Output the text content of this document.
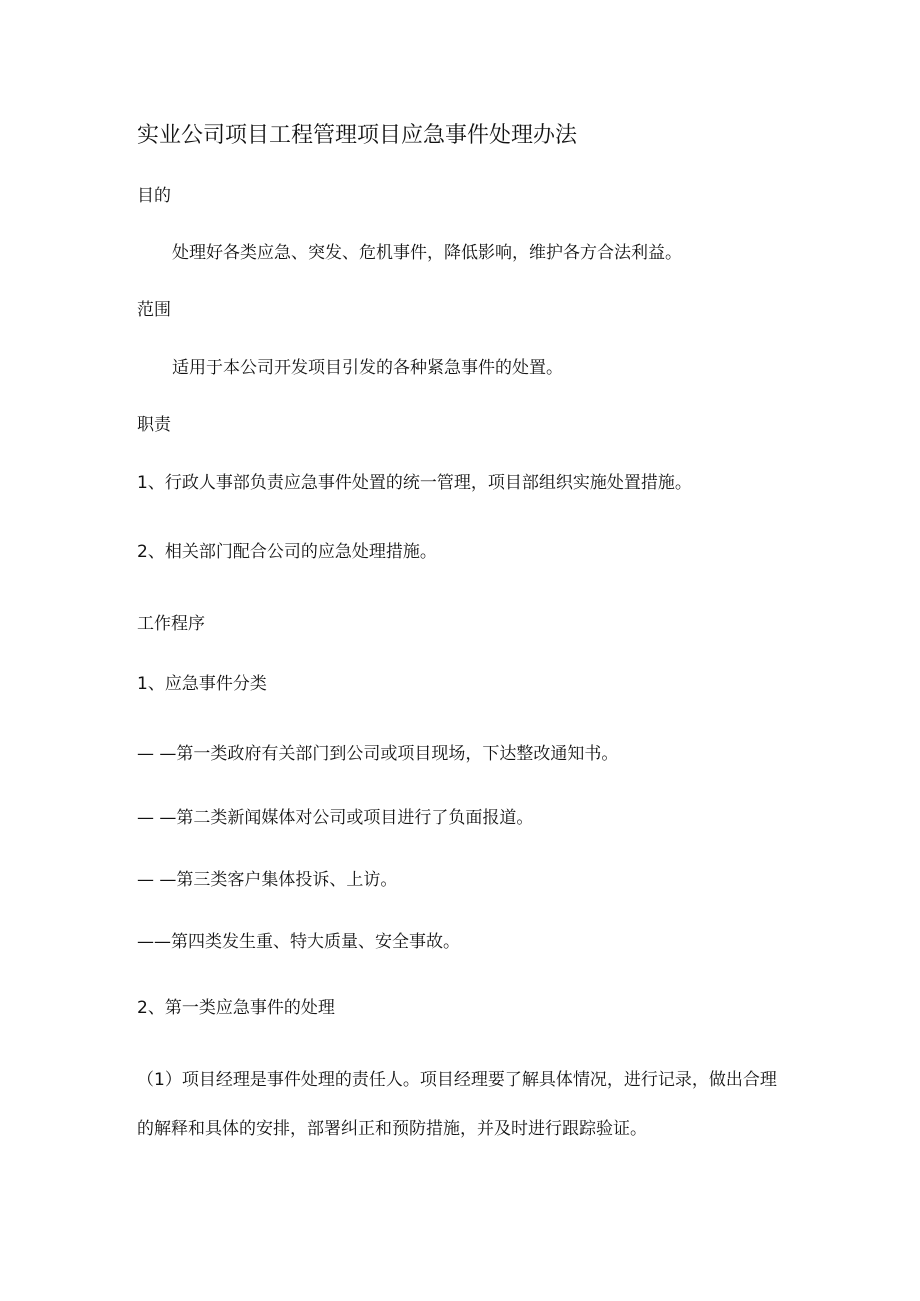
实业公司项目工程管理项目应急事件处理办法
目的
处理好各类应急、突发、危机事件，降低影响，维护各方合法利益。
范围
适用于本公司开发项目引发的各种紧急事件的处置。
职责
1、行政人事部负责应急事件处置的统一管理，项目部组织实施处置措施。
2、相关部门配合公司的应急处理措施。
工作程序
1、应急事件分类
— —第一类政府有关部门到公司或项目现场，下达整改通知书。
— —第二类新闻媒体对公司或项目进行了负面报道。
— —第三类客户集体投诉、上访。
——第四类发生重、特大质量、安全事故。
2、第一类应急事件的处理
（1）项目经理是事件处理的责任人。项目经理要了解具体情况，进行记录，做出合理
的解释和具体的安排，部署纠正和预防措施，并及时进行跟踪验证。
